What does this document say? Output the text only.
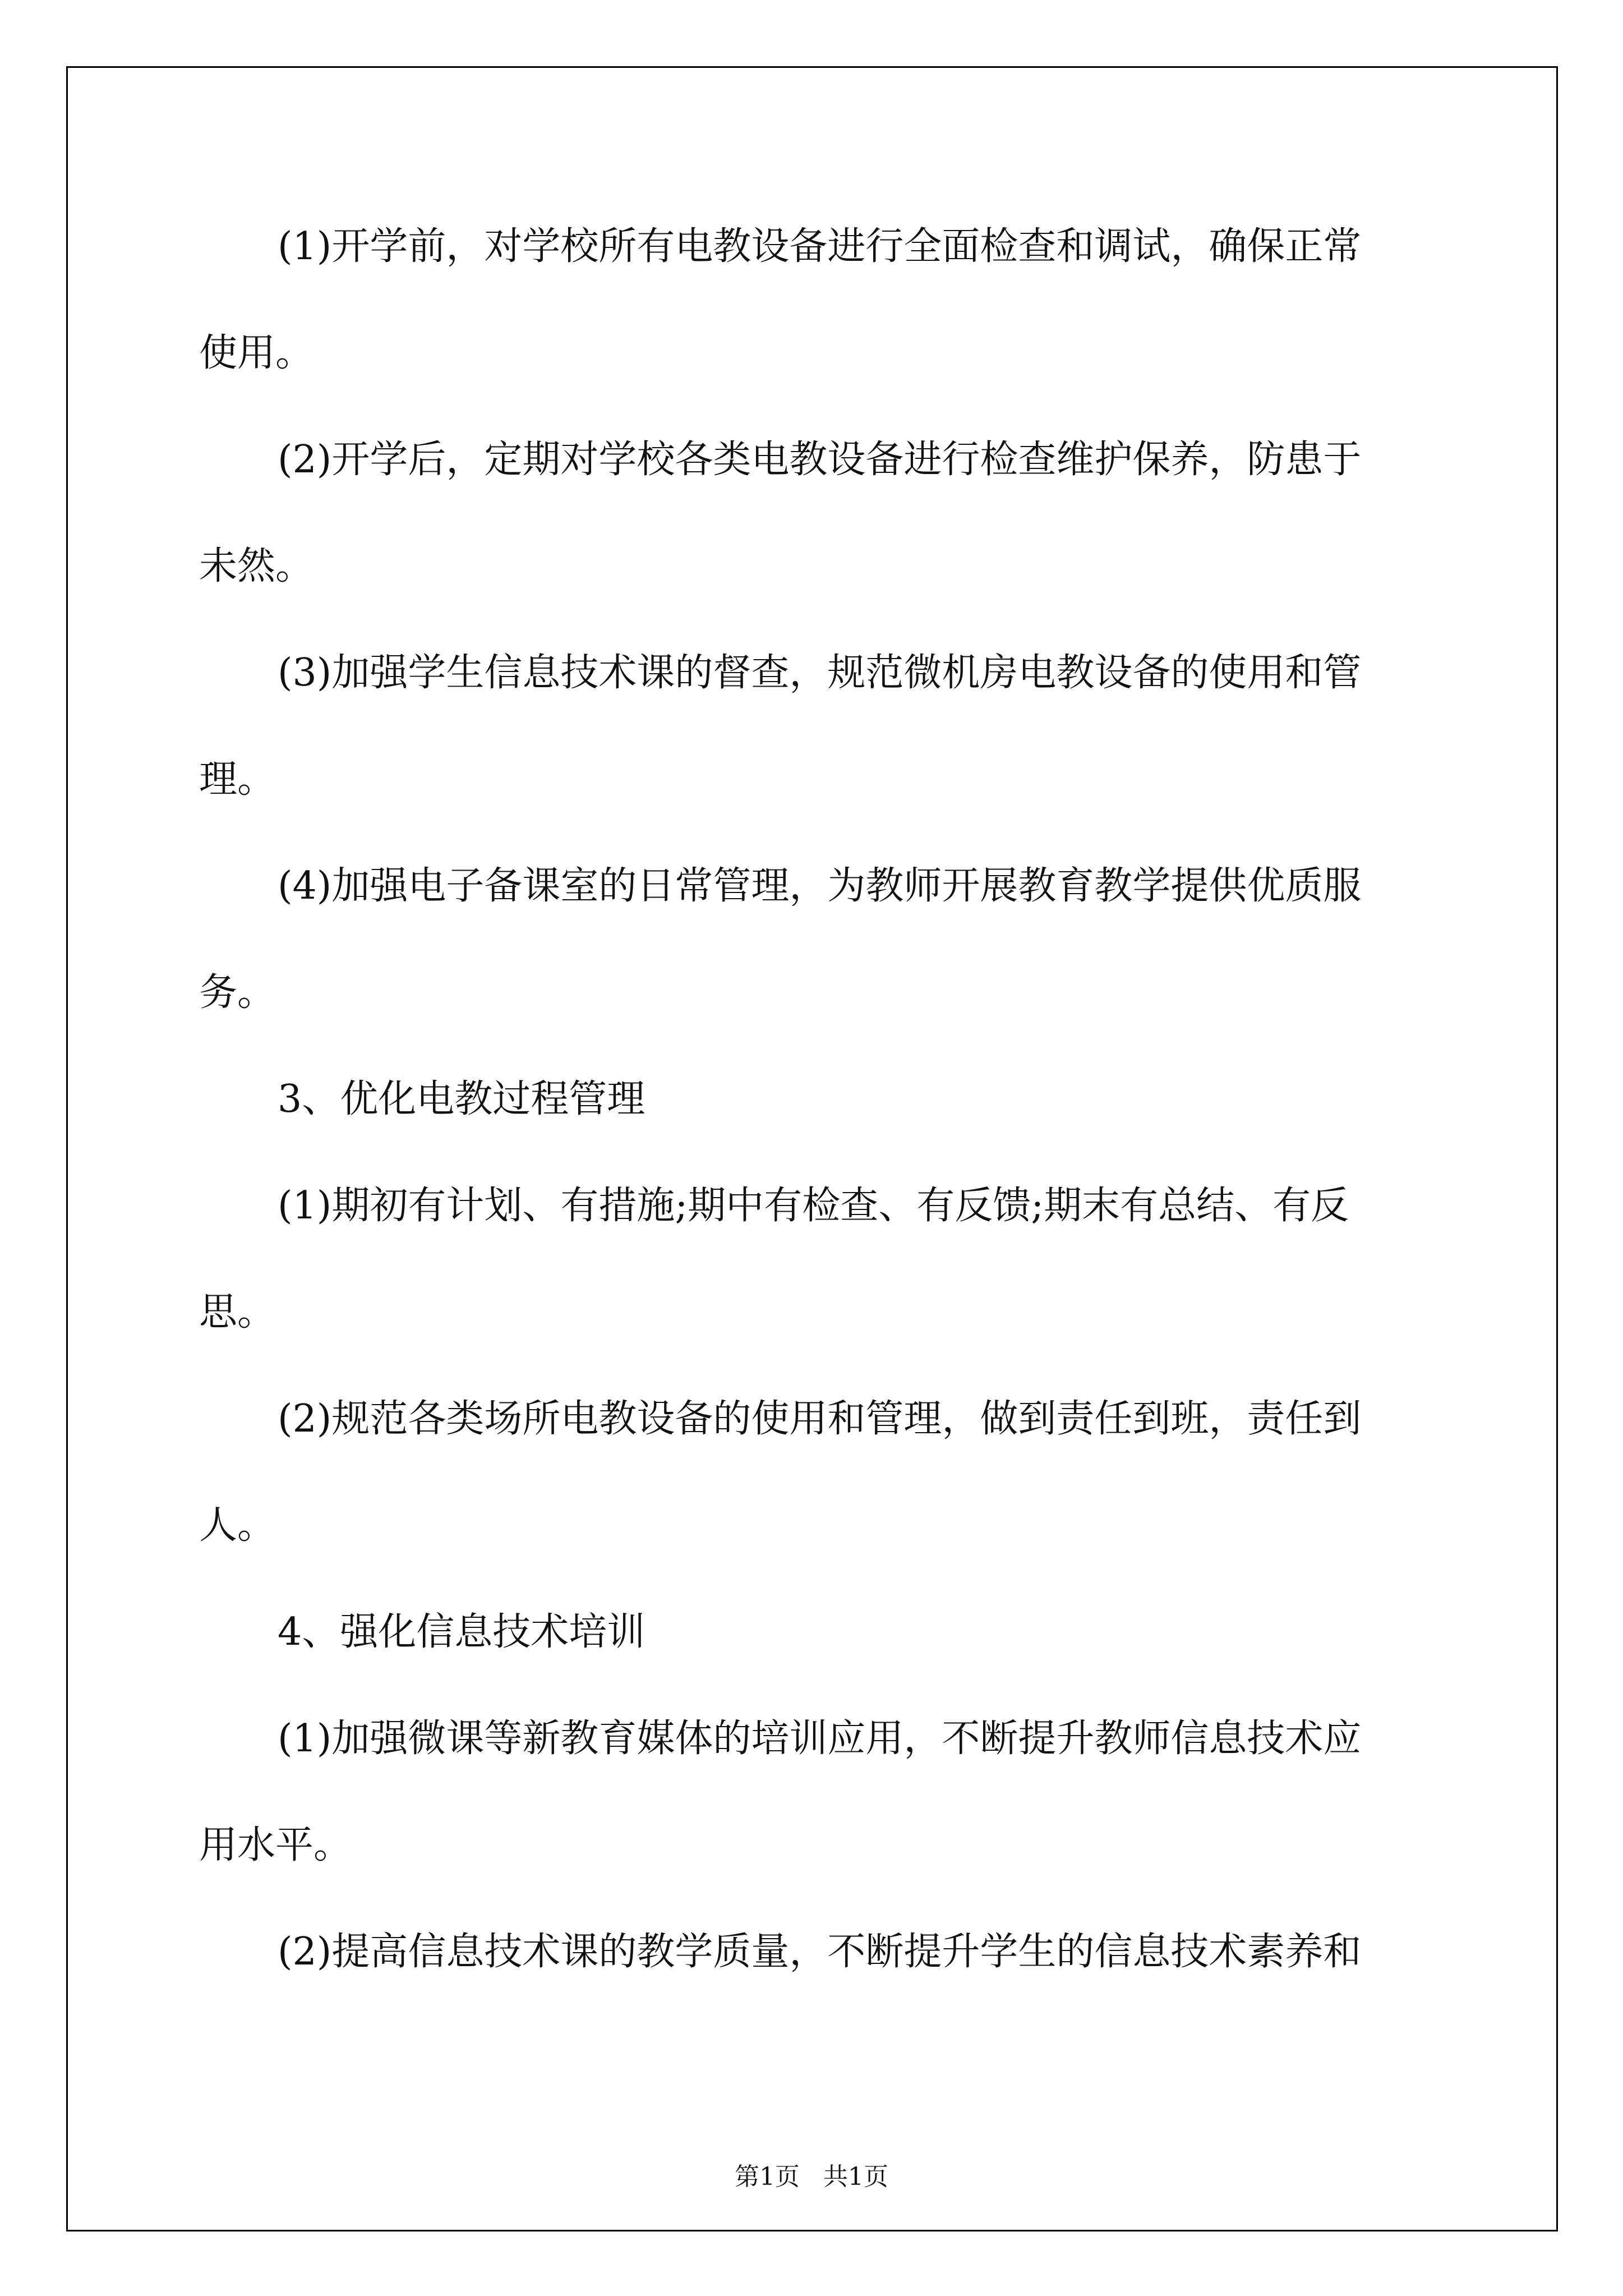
(1)开学前，对学校所有电教设备进行全面检查和调试，确保正常
使用。
(2)开学后，定期对学校各类电教设备进行检查维护保养，防患于
未然。
(3)加强学生信息技术课的督查，规范微机房电教设备的使用和管
理。
(4)加强电子备课室的日常管理，为教师开展教育教学提供优质服
务。
3、优化电教过程管理
(1)期初有计划、有措施;期中有检查、有反馈;期末有总结、有反
思。
(2)规范各类场所电教设备的使用和管理，做到责任到班，责任到
人。
4、强化信息技术培训
(1)加强微课等新教育媒体的培训应用，不断提升教师信息技术应
用水平。
(2)提高信息技术课的教学质量，不断提升学生的信息技术素养和
第1页 共1页
